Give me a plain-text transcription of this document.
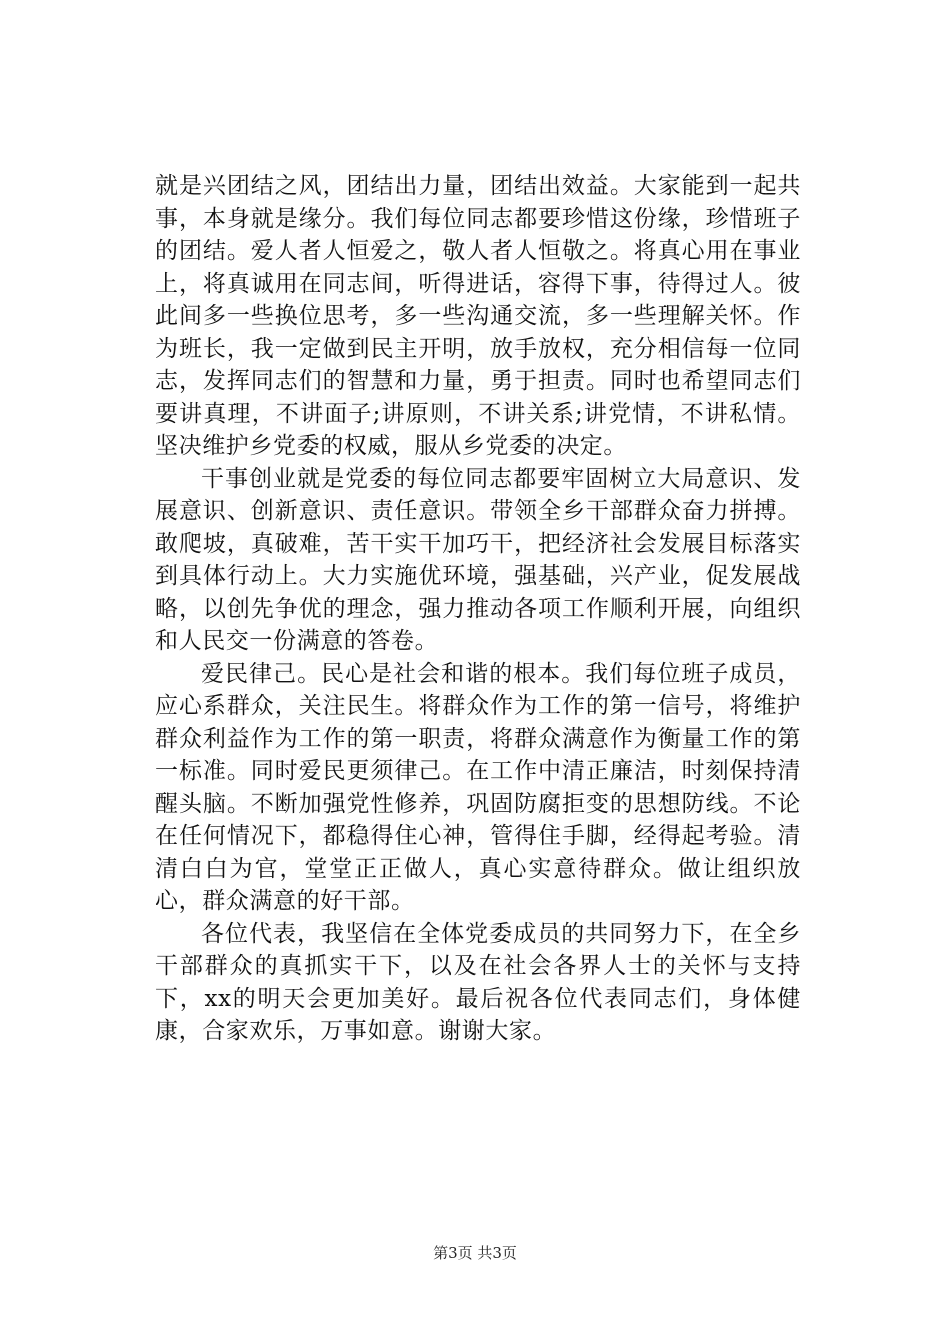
就是兴团结之风，团结出力量，团结出效益。大家能到一起共事，本身就是缘分。我们每位同志都要珍惜这份缘，珍惜班子的团结。爱人者人恒爱之，敬人者人恒敬之。将真心用在事业上，将真诚用在同志间，听得进话，容得下事，待得过人。彼此间多一些换位思考，多一些沟通交流，多一些理解关怀。作为班长，我一定做到民主开明，放手放权，充分相信每一位同志，发挥同志们的智慧和力量，勇于担责。同时也希望同志们要讲真理，不讲面子;讲原则，不讲关系;讲党情，不讲私情。坚决维护乡党委的权威，服从乡党委的决定。

干事创业就是党委的每位同志都要牢固树立大局意识、发展意识、创新意识、责任意识。带领全乡干部群众奋力拼搏。敢爬坡，真破难，苦干实干加巧干，把经济社会发展目标落实到具体行动上。大力实施优环境，强基础，兴产业，促发展战略，以创先争优的理念，强力推动各项工作顺利开展，向组织和人民交一份满意的答卷。

爱民律己。民心是社会和谐的根本。我们每位班子成员，应心系群众，关注民生。将群众作为工作的第一信号，将维护群众利益作为工作的第一职责，将群众满意作为衡量工作的第一标准。同时爱民更须律己。在工作中清正廉洁，时刻保持清醒头脑。不断加强党性修养，巩固防腐拒变的思想防线。不论在任何情况下，都稳得住心神，管得住手脚，经得起考验。清清白白为官，堂堂正正做人，真心实意待群众。做让组织放心，群众满意的好干部。

各位代表，我坚信在全体党委成员的共同努力下，在全乡干部群众的真抓实干下，以及在社会各界人士的关怀与支持下，xx的明天会更加美好。最后祝各位代表同志们，身体健康，合家欢乐，万事如意。谢谢大家。

第3页 共3页
